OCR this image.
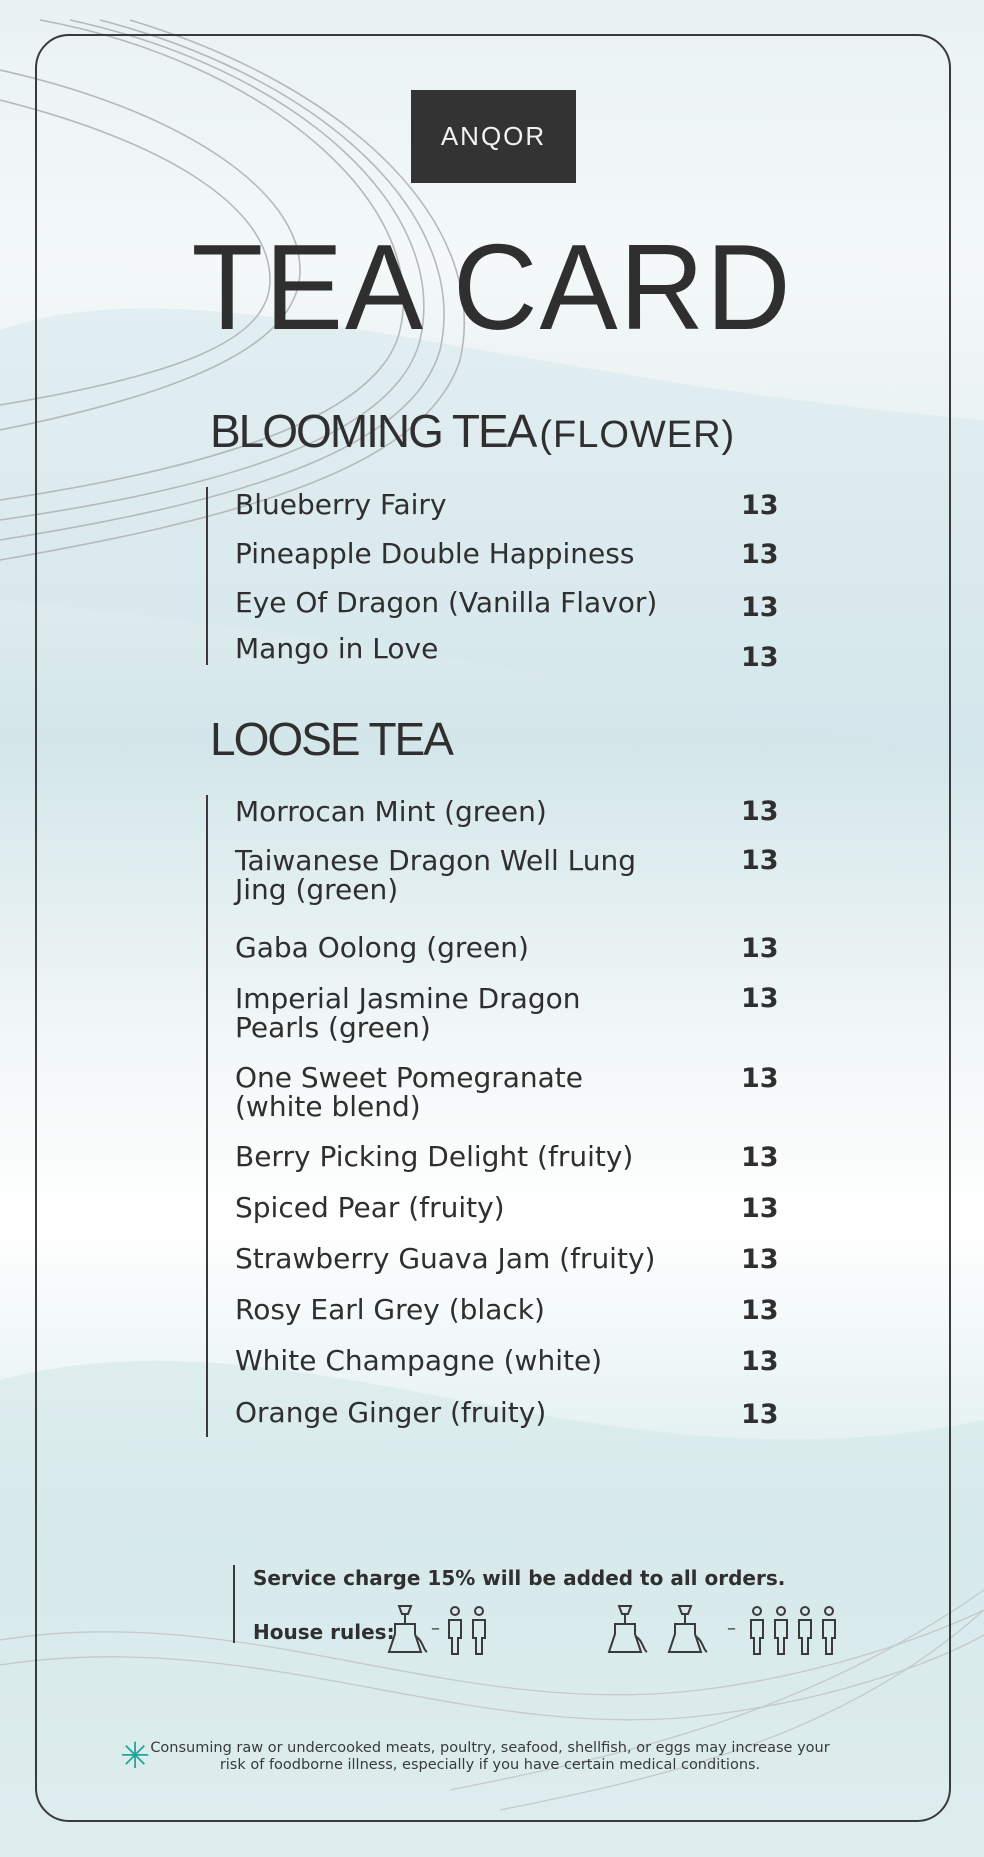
ANQOR
TEA CARD
BLOOMING TEA (FLOWER)
Blueberry Fairy	13
Pineapple Double Happiness	13
Eye Of Dragon (Vanilla Flavor)	13
Mango in Love	13
LOOSE TEA
Morrocan Mint (green)	13
Taiwanese Dragon Well Lung
Jing (green)
13
Gaba Oolong (green)	13
Imperial Jasmine Dragon
Pearls (green)
13
One Sweet Pomegranate
(white blend)
13
Berry Picking Delight (fruity)	13
Spiced Pear (fruity)	13
Strawberry Guava Jam (fruity)	13
Rosy Earl Grey (black)	13
White Champagne (white)	13
Orange Ginger (fruity)	13
Service charge 15% will be added to all orders.
House rules: –	–
✳ Consuming raw or undercooked meats, poultry, seafood, shellfish, or eggs may increase your risk of foodborne illness, especially if you have certain medical conditions.
